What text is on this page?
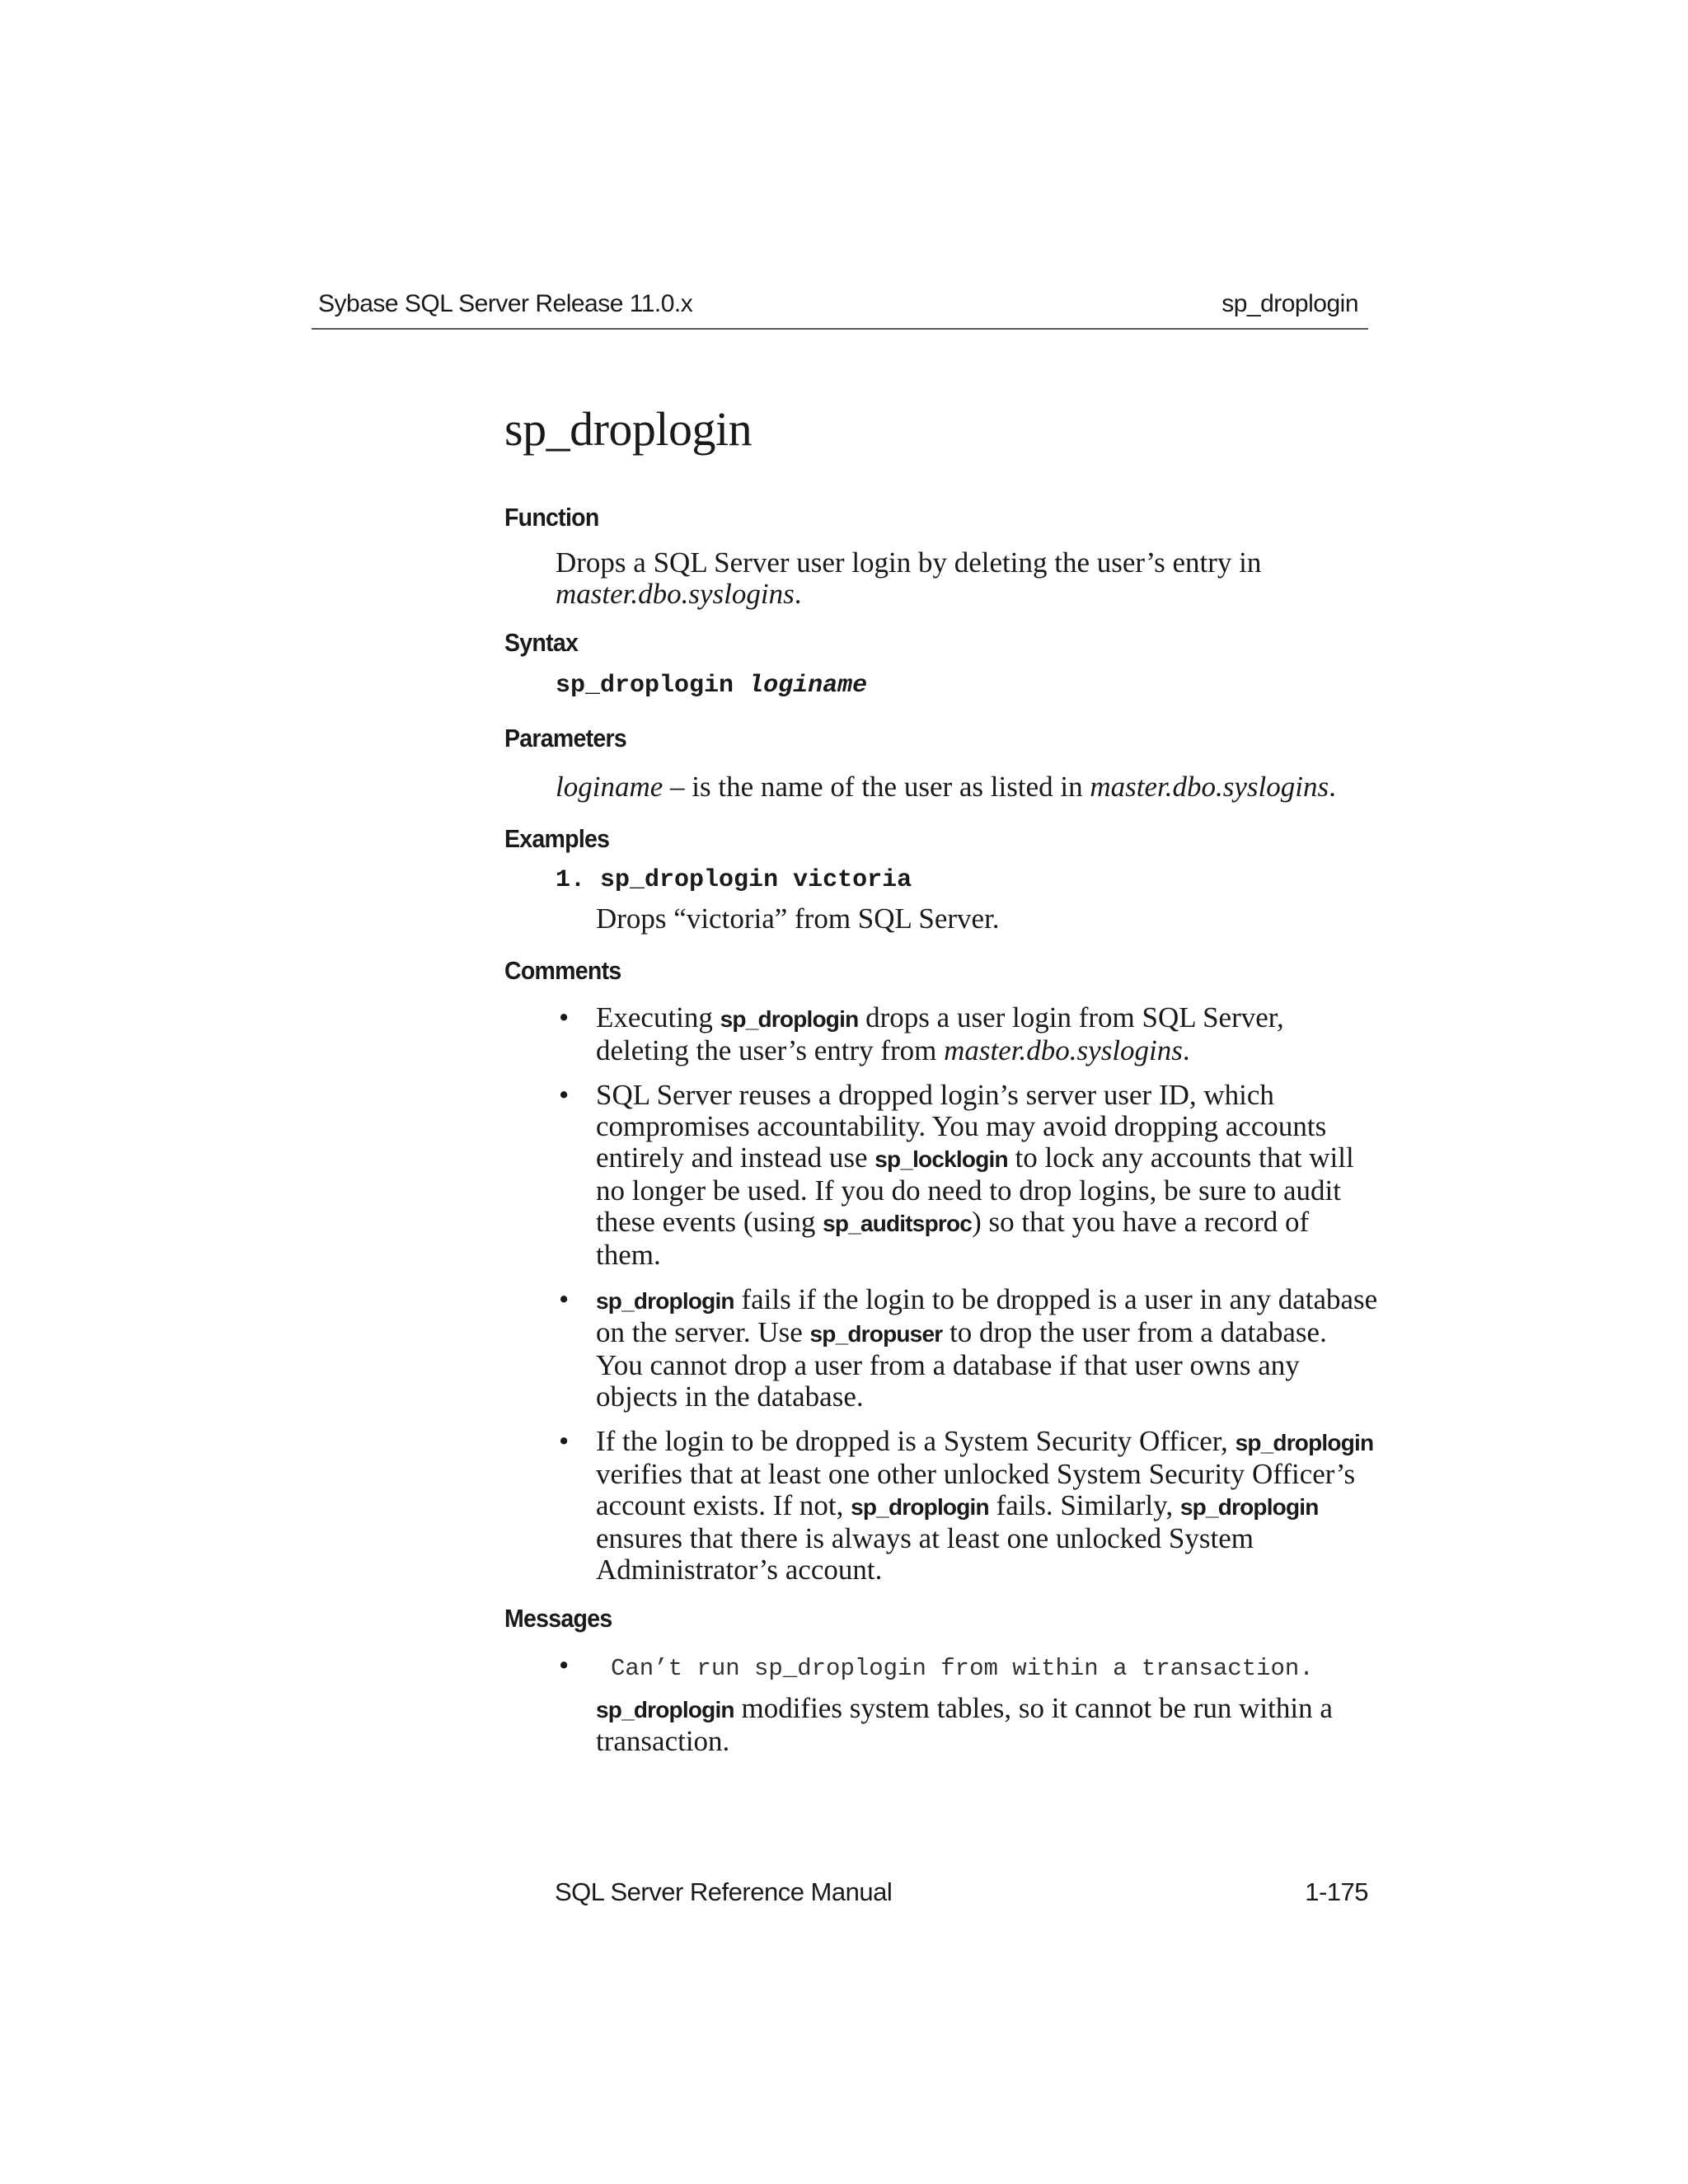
Sybase SQL Server Release 11.0.x	sp_droplogin
sp_droplogin
Function

Drops a SQL Server user login by deleting the user’s entry in
master.dbo.syslogins.

Syntax
sp_droplogin loginame
Parameters

loginame – is the name of the user as listed in master.dbo.syslogins.

Examples
1. sp_droplogin victoria

Drops “victoria” from SQL Server.

Comments
• Executing sp_droplogin drops a user login from SQL Server, deleting the user’s entry from master.dbo.syslogins.
• SQL Server reuses a dropped login’s server user ID, which compromises accountability. You may avoid dropping accounts entirely and instead use sp_locklogin to lock any accounts that will no longer be used. If you do need to drop logins, be sure to audit these events (using sp_auditsproc) so that you have a record of them.
• sp_droplogin fails if the login to be dropped is a user in any database on the server. Use sp_dropuser to drop the user from a database. You cannot drop a user from a database if that user owns any objects in the database.
• If the login to be dropped is a System Security Officer, sp_droplogin verifies that at least one other unlocked System Security Officer’s account exists. If not, sp_droplogin fails. Similarly, sp_droplogin ensures that there is always at least one unlocked System Administrator’s account.
Messages
• Can’t run sp_droplogin from within a transaction.

sp_droplogin modifies system tables, so it cannot be run within a transaction.

SQL Server Reference Manual	1-175
